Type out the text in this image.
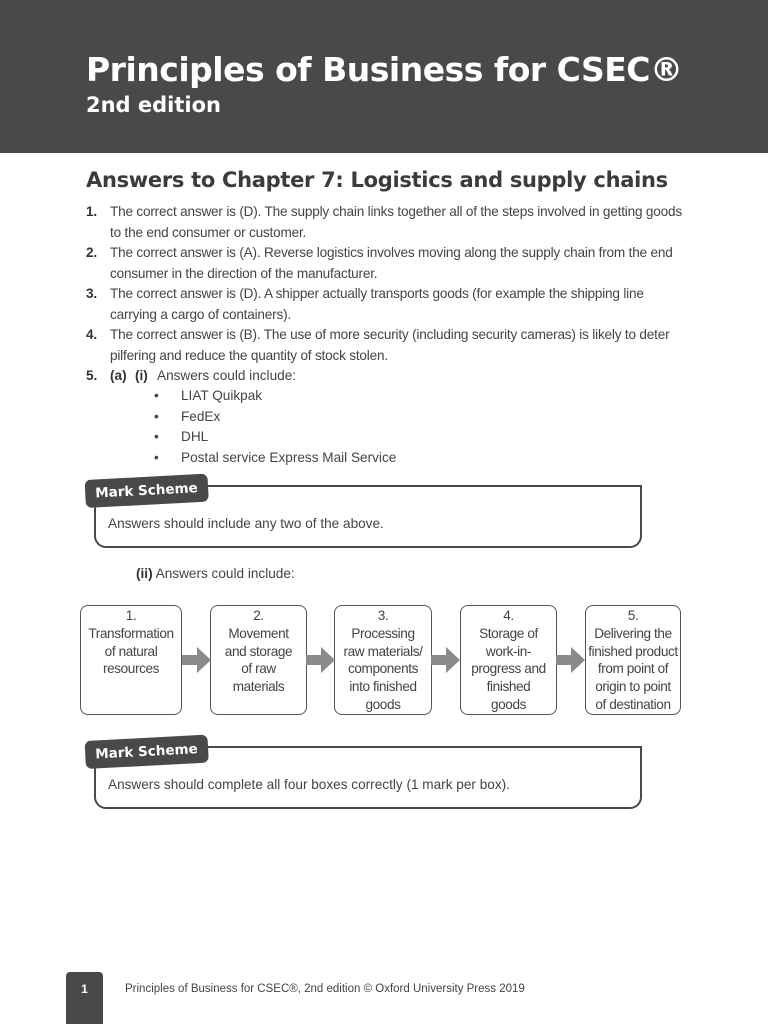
Principles of Business for CSEC®
2nd edition
Answers to Chapter 7: Logistics and supply chains
1. The correct answer is (D). The supply chain links together all of the steps involved in getting goods to the end consumer or customer.
2. The correct answer is (A). Reverse logistics involves moving along the supply chain from the end consumer in the direction of the manufacturer.
3. The correct answer is (D). A shipper actually transports goods (for example the shipping line carrying a cargo of containers).
4. The correct answer is (B). The use of more security (including security cameras) is likely to deter pilfering and reduce the quantity of stock stolen.
5. (a) (i) Answers could include:
• LIAT Quikpak
• FedEx
• DHL
• Postal service Express Mail Service
Mark Scheme
Answers should include any two of the above.
(ii) Answers could include:
1.
Transformation
of natural
resources
2.
Movement
and storage
of raw
materials
3.
Processing
raw materials/
components
into finished
goods
4.
Storage of
work-in-
progress and
finished
goods
5.
Delivering the
finished product
from point of
origin to point
of destination
Mark Scheme
Answers should complete all four boxes correctly (1 mark per box).
1	Principles of Business for CSEC®, 2nd edition © Oxford University Press 2019
